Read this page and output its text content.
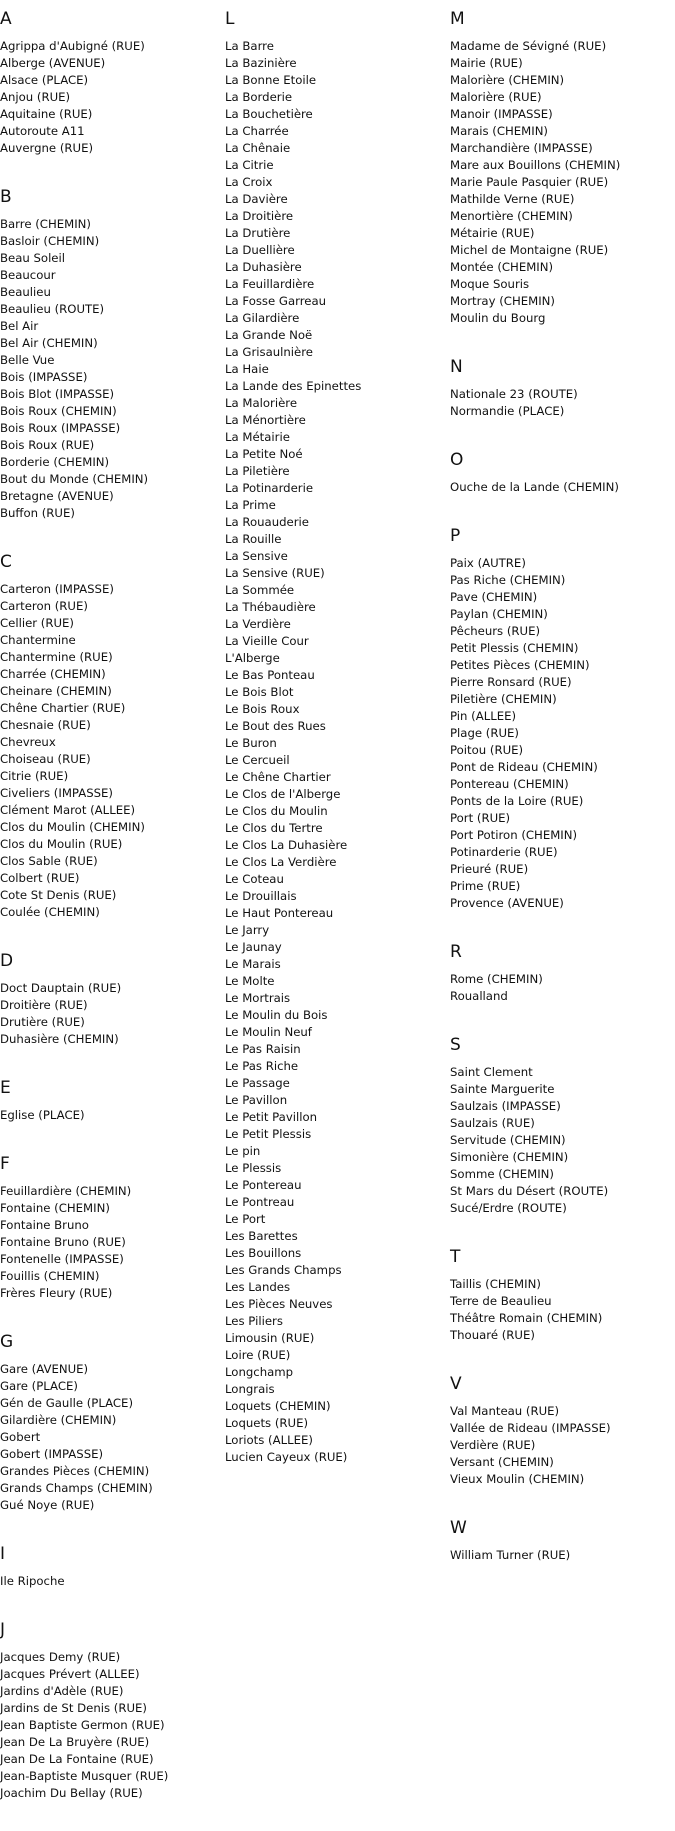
A
Agrippa d'Aubigné (RUE)
Alberge (AVENUE)
Alsace (PLACE)
Anjou (RUE)
Aquitaine (RUE)
Autoroute A11
Auvergne (RUE)
B
Barre (CHEMIN)
Basloir (CHEMIN)
Beau Soleil
Beaucour
Beaulieu
Beaulieu (ROUTE)
Bel Air
Bel Air (CHEMIN)
Belle Vue
Bois (IMPASSE)
Bois Blot (IMPASSE)
Bois Roux (CHEMIN)
Bois Roux (IMPASSE)
Bois Roux (RUE)
Borderie (CHEMIN)
Bout du Monde (CHEMIN)
Bretagne (AVENUE)
Buffon (RUE)
C
Carteron (IMPASSE)
Carteron (RUE)
Cellier (RUE)
Chantermine
Chantermine (RUE)
Charrée (CHEMIN)
Cheinare (CHEMIN)
Chêne Chartier (RUE)
Chesnaie (RUE)
Chevreux
Choiseau (RUE)
Citrie (RUE)
Civeliers (IMPASSE)
Clément Marot (ALLEE)
Clos du Moulin (CHEMIN)
Clos du Moulin (RUE)
Clos Sable (RUE)
Colbert (RUE)
Cote St Denis (RUE)
Coulée (CHEMIN)
D
Doct Dauptain (RUE)
Droitière (RUE)
Drutière (RUE)
Duhasière (CHEMIN)
E
Eglise (PLACE)
F
Feuillardière (CHEMIN)
Fontaine (CHEMIN)
Fontaine Bruno
Fontaine Bruno (RUE)
Fontenelle (IMPASSE)
Fouillis (CHEMIN)
Frères Fleury (RUE)
G
Gare (AVENUE)
Gare (PLACE)
Gén de Gaulle (PLACE)
Gilardière (CHEMIN)
Gobert
Gobert (IMPASSE)
Grandes Pièces (CHEMIN)
Grands Champs (CHEMIN)
Gué Noye (RUE)
I
Ile Ripoche
J
Jacques Demy (RUE)
Jacques Prévert (ALLEE)
Jardins d'Adèle (RUE)
Jardins de St Denis (RUE)
Jean Baptiste Germon (RUE)
Jean De La Bruyère (RUE)
Jean De La Fontaine (RUE)
Jean-Baptiste Musquer (RUE)
Joachim Du Bellay (RUE)
L
La Barre
La Bazinière
La Bonne Etoile
La Borderie
La Bouchetière
La Charrée
La Chênaie
La Citrie
La Croix
La Davière
La Droitière
La Drutière
La Duellière
La Duhasière
La Feuillardière
La Fosse Garreau
La Gilardière
La Grande Noë
La Grisaulnière
La Haie
La Lande des Epinettes
La Malorière
La Ménortière
La Métairie
La Petite Noé
La Piletière
La Potinarderie
La Prime
La Rouauderie
La Rouille
La Sensive
La Sensive (RUE)
La Sommée
La Thébaudière
La Verdière
La Vieille Cour
L'Alberge
Le Bas Ponteau
Le Bois Blot
Le Bois Roux
Le Bout des Rues
Le Buron
Le Cercueil
Le Chêne Chartier
Le Clos de l'Alberge
Le Clos du Moulin
Le Clos du Tertre
Le Clos La Duhasière
Le Clos La Verdière
Le Coteau
Le Drouillais
Le Haut Pontereau
Le Jarry
Le Jaunay
Le Marais
Le Molte
Le Mortrais
Le Moulin du Bois
Le Moulin Neuf
Le Pas Raisin
Le Pas Riche
Le Passage
Le Pavillon
Le Petit Pavillon
Le Petit Plessis
Le pin
Le Plessis
Le Pontereau
Le Pontreau
Le Port
Les Barettes
Les Bouillons
Les Grands Champs
Les Landes
Les Pièces Neuves
Les Piliers
Limousin (RUE)
Loire (RUE)
Longchamp
Longrais
Loquets (CHEMIN)
Loquets (RUE)
Loriots (ALLEE)
Lucien Cayeux (RUE)
M
Madame de Sévigné (RUE)
Mairie (RUE)
Malorière (CHEMIN)
Malorière (RUE)
Manoir (IMPASSE)
Marais (CHEMIN)
Marchandière (IMPASSE)
Mare aux Bouillons (CHEMIN)
Marie Paule Pasquier (RUE)
Mathilde Verne (RUE)
Menortière (CHEMIN)
Métairie (RUE)
Michel de Montaigne (RUE)
Montée (CHEMIN)
Moque Souris
Mortray (CHEMIN)
Moulin du Bourg
N
Nationale 23 (ROUTE)
Normandie (PLACE)
O
Ouche de la Lande (CHEMIN)
P
Paix (AUTRE)
Pas Riche (CHEMIN)
Pave (CHEMIN)
Paylan (CHEMIN)
Pêcheurs (RUE)
Petit Plessis (CHEMIN)
Petites Pièces (CHEMIN)
Pierre Ronsard (RUE)
Piletière (CHEMIN)
Pin (ALLEE)
Plage (RUE)
Poitou (RUE)
Pont de Rideau (CHEMIN)
Pontereau (CHEMIN)
Ponts de la Loire (RUE)
Port (RUE)
Port Potiron (CHEMIN)
Potinarderie (RUE)
Prieuré (RUE)
Prime (RUE)
Provence (AVENUE)
R
Rome (CHEMIN)
Roualland
S
Saint Clement
Sainte Marguerite
Saulzais (IMPASSE)
Saulzais (RUE)
Servitude (CHEMIN)
Simonière (CHEMIN)
Somme (CHEMIN)
St Mars du Désert (ROUTE)
Sucé/Erdre (ROUTE)
T
Taillis (CHEMIN)
Terre de Beaulieu
Théâtre Romain (CHEMIN)
Thouaré (RUE)
V
Val Manteau (RUE)
Vallée de Rideau (IMPASSE)
Verdière (RUE)
Versant (CHEMIN)
Vieux Moulin (CHEMIN)
W
William Turner (RUE)
